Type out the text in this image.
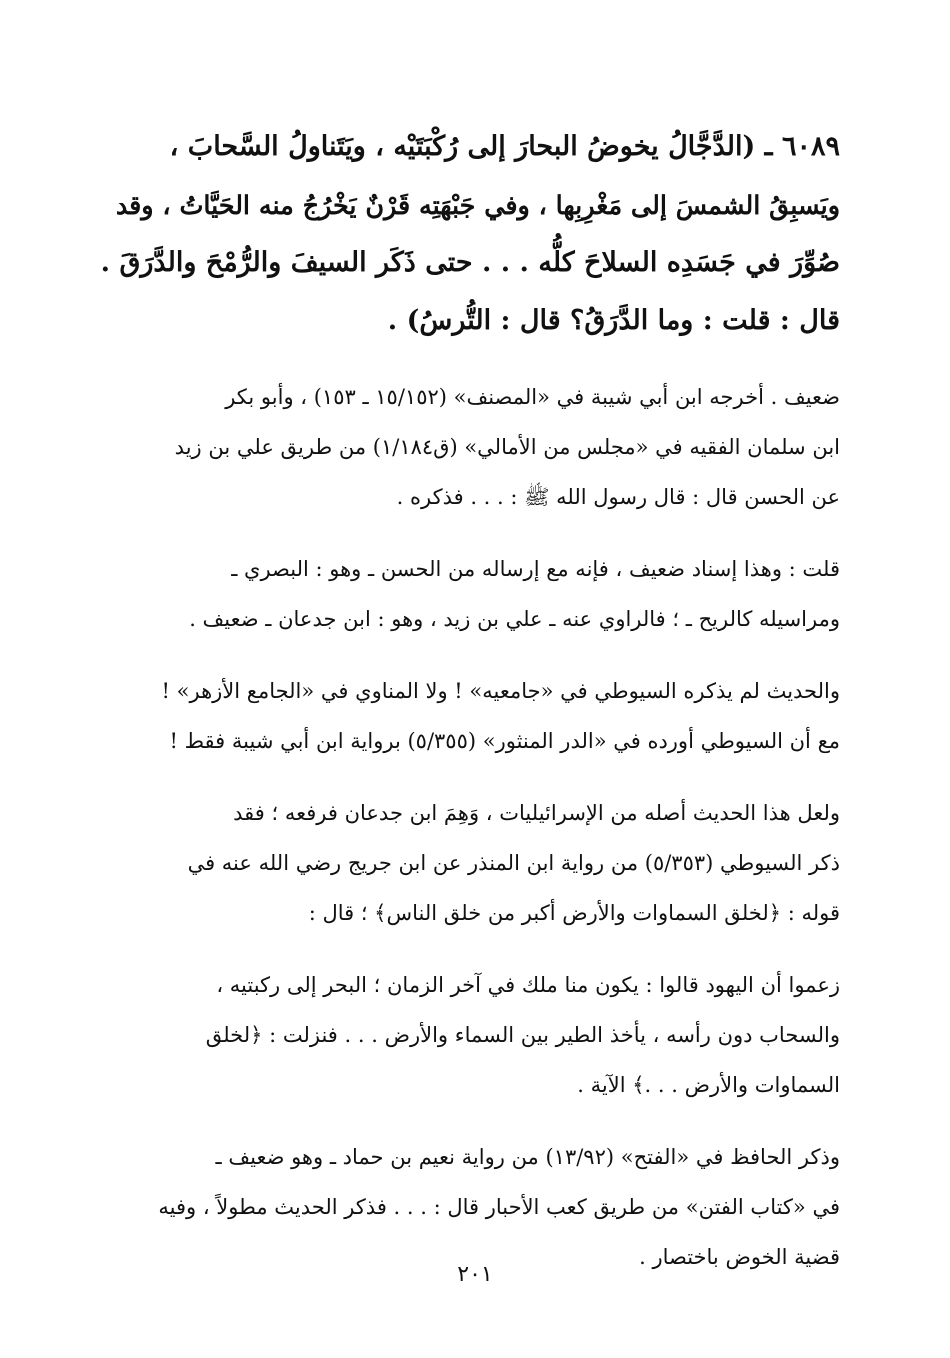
٦٠٨٩ ـ (الدَّجَّالُ يخوضُ البحارَ إلى رُكْبَتَيْه ، ويَتَناولُ السَّحابَ ،
ويَسبِقُ الشمسَ إلى مَغْرِبِها ، وفي جَبْهَتِه قَرْنٌ يَخْرُجُ منه الحَيَّاتُ ، وقد
صُوِّرَ في جَسَدِه السلاحَ كلُّه . . . حتى ذَكَر السيفَ والرُّمْحَ والدَّرَقَ .
قال : قلت : وما الدَّرَقُ؟ قال : التُّرسُ) .
ضعيف . أخرجه ابن أبي شيبة في «المصنف» (١٥/١٥٢ ـ ١٥٣) ، وأبو بكر
ابن سلمان الفقيه في «مجلس من الأمالي» (ق١/١٨٤) من طريق علي بن زيد
عن الحسن قال : قال رسول الله ﷺ : . . . فذكره .
قلت : وهذا إسناد ضعيف ، فإنه مع إرساله من الحسن ـ وهو : البصري ـ
ومراسيله كالريح ـ ؛ فالراوي عنه ـ علي بن زيد ، وهو : ابن جدعان ـ ضعيف .
والحديث لم يذكره السيوطي في «جامعيه» ! ولا المناوي في «الجامع الأزهر» !
مع أن السيوطي أورده في «الدر المنثور» (٥/٣٥٥) برواية ابن أبي شيبة فقط !
ولعل هذا الحديث أصله من الإسرائيليات ، وَهِمَ ابن جدعان فرفعه ؛ فقد
ذكر السيوطي (٥/٣٥٣) من رواية ابن المنذر عن ابن جريج رضي الله عنه في
قوله : ﴿لخلق السماوات والأرض أكبر من خلق الناس﴾ ؛ قال :
زعموا أن اليهود قالوا : يكون منا ملك في آخر الزمان ؛ البحر إلى ركبتيه ،
والسحاب دون رأسه ، يأخذ الطير بين السماء والأرض . . . فنزلت : ﴿لخلق
السماوات والأرض . . .﴾ الآية .
وذكر الحافظ في «الفتح» (١٣/٩٢) من رواية نعيم بن حماد ـ وهو ضعيف ـ
في «كتاب الفتن» من طريق كعب الأحبار قال : . . . فذكر الحديث مطولاً ، وفيه
قضية الخوض باختصار .
٢٠١
